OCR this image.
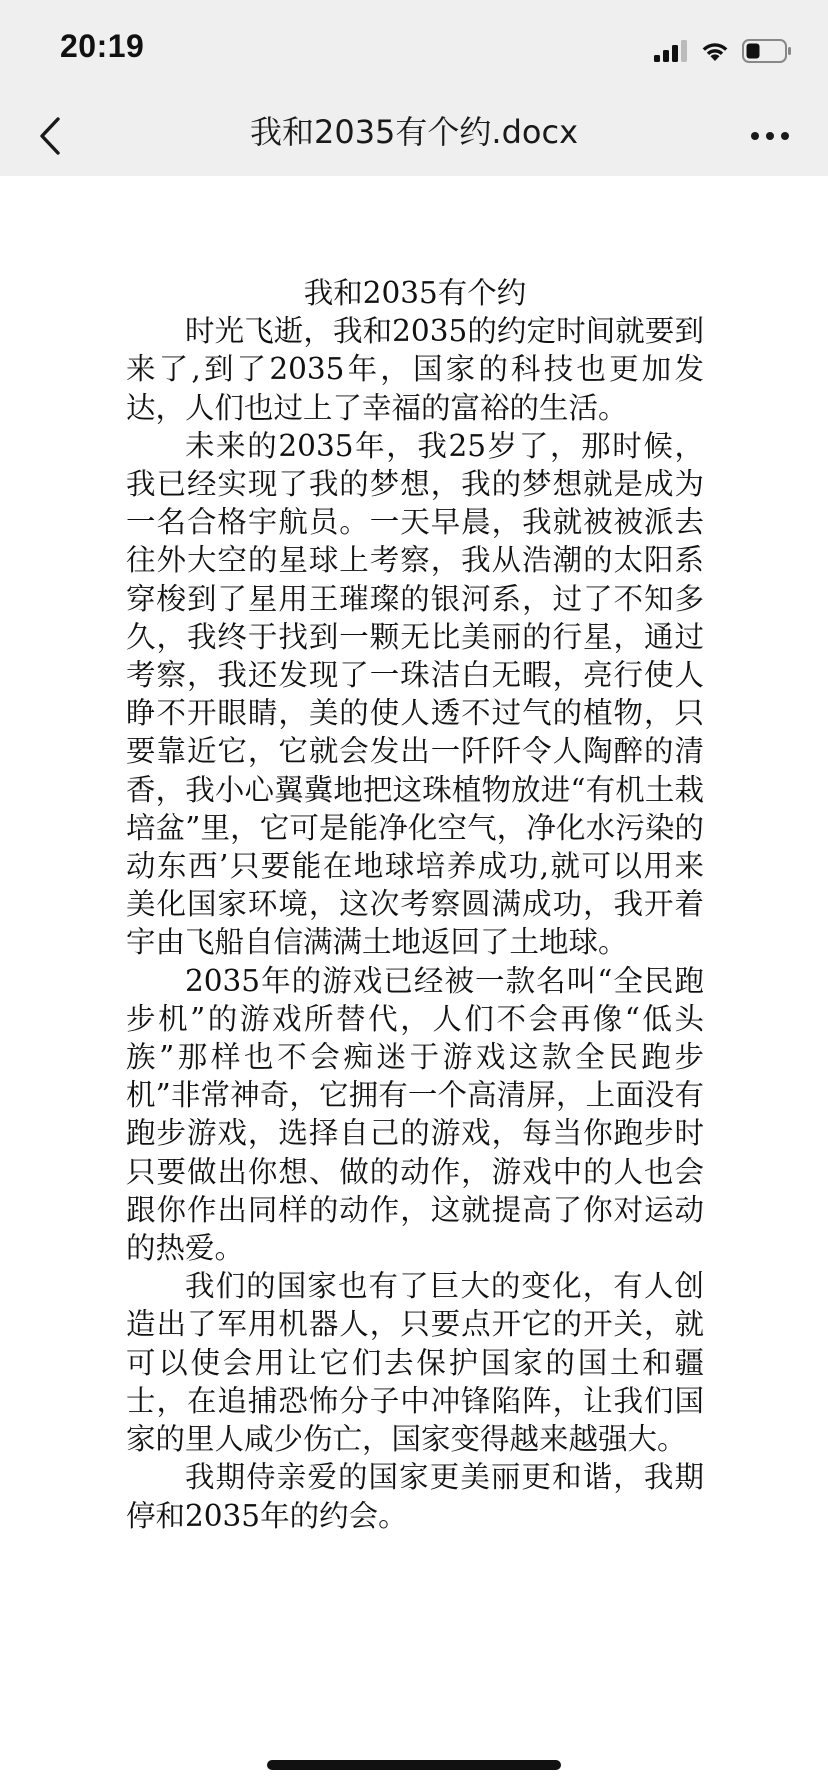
20:19
我和2035有个约.docx
我和2035有个约

时光飞逝，我和2035的约定时间就要到来了,到了2035年，国家的科技也更加发达，人们也过上了幸福的富裕的生活。

未来的2035年，我25岁了，那时候，我已经实现了我的梦想，我的梦想就是成为一名合格宇航员。一天早晨，我就被被派去往外大空的星球上考察，我从浩潮的太阳系穿梭到了星用王璀璨的银河系，过了不知多久，我终于找到一颗无比美丽的行星，通过考察，我还发现了一珠洁白无暇，亮行使人睁不开眼睛，美的使人透不过气的植物，只要靠近它，它就会发出一阡阡令人陶醉的清香，我小心翼冀地把这珠植物放进“有机土栽培盆”里，它可是能净化空气，净化水污染的动东西’只要能在地球培养成功,就可以用来美化国家环境，这次考察圆满成功，我开着宇由飞船自信满满土地返回了土地球。

2035年的游戏已经被一款名叫“全民跑步机”的游戏所替代，人们不会再像“低头族”那样也不会痴迷于游戏这款全民跑步机”非常神奇，它拥有一个高清屏，上面没有跑步游戏，选择自己的游戏，每当你跑步时只要做出你想、做的动作，游戏中的人也会跟你作出同样的动作，这就提高了你对运动的热爱。

我们的国家也有了巨大的变化，有人创造出了军用机器人，只要点开它的开关，就可以使会用让它们去保护国家的国土和疆士，在追捕恐怖分子中冲锋陷阵，让我们国家的里人咸少伤亡，国家变得越来越强大。

我期侍亲爱的国家更美丽更和谐，我期停和2035年的约会。
